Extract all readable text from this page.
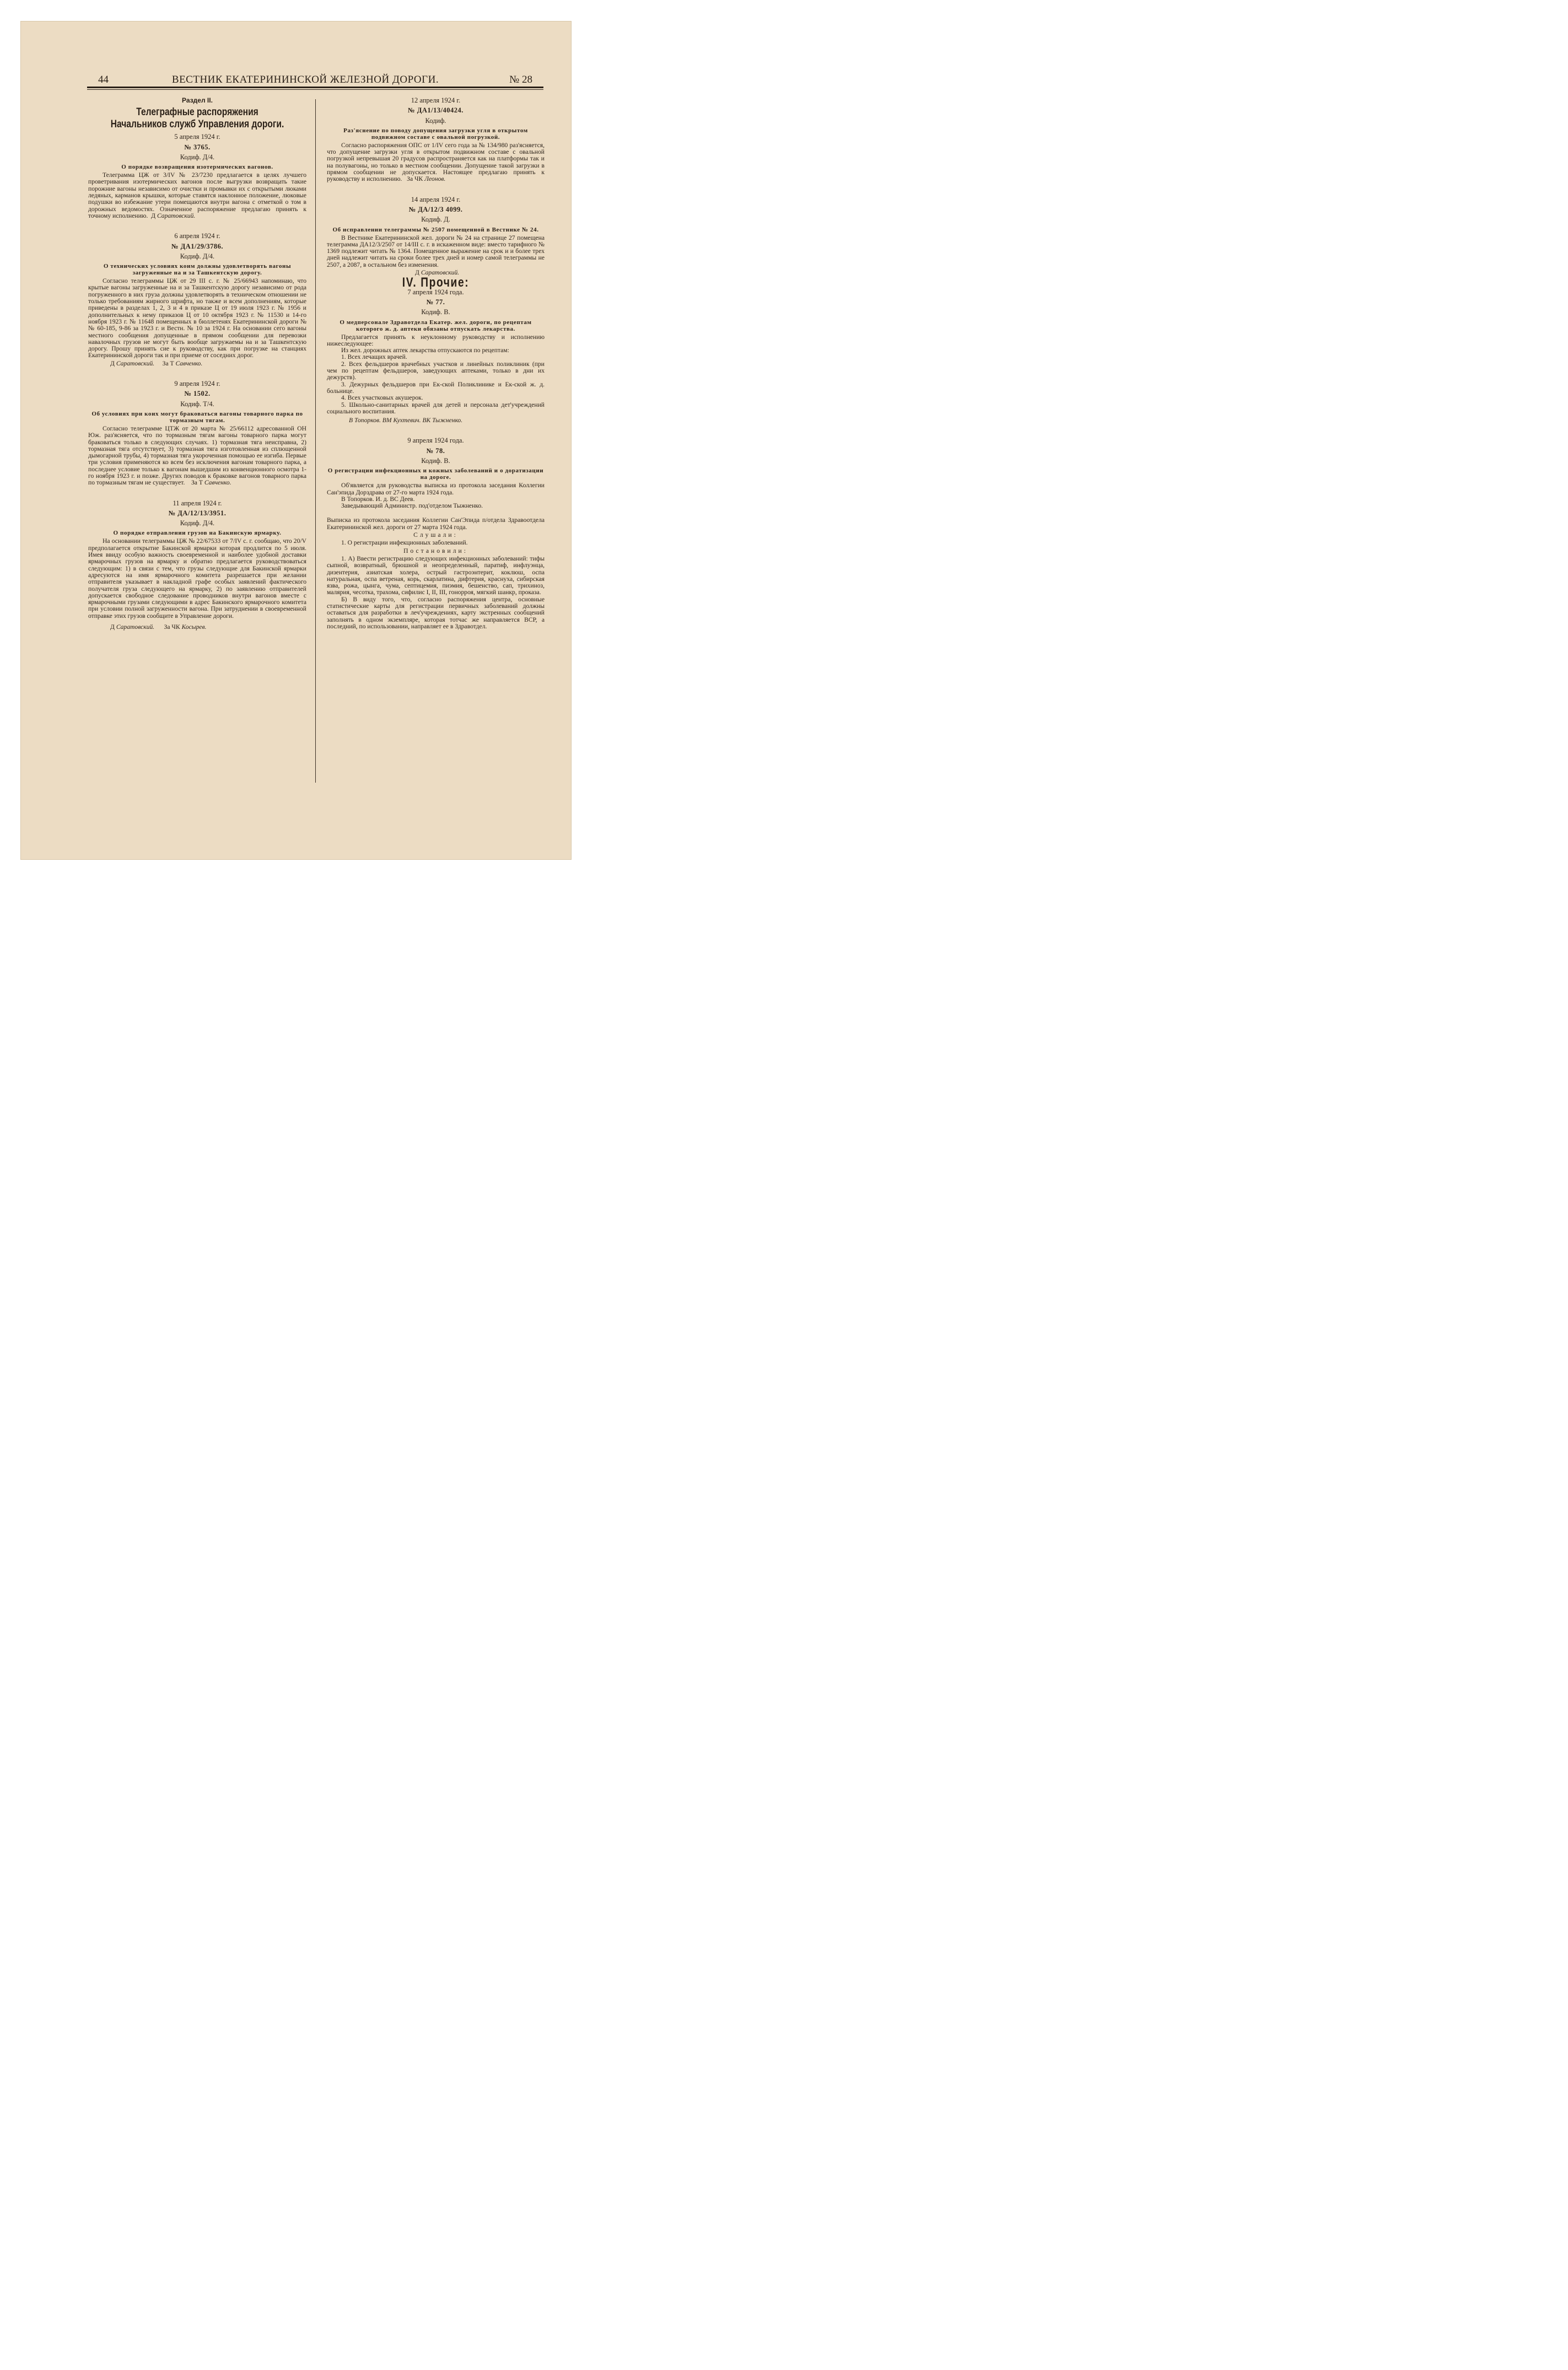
44	ВЕСТНИК ЕКАТЕРИНИНСКОЙ ЖЕЛЕЗНОЙ ДОРОГИ.	№ 28
Раздел II.
Телеграфные распоряжения Начальников служб Управления дороги.
5 апреля 1924 г.
№ 3765.
Кодиф. Д/4.
О порядке возвращения изотермических вагонов.

Телеграмма ЦЖ от 3/IV № 23/7230 предлагается в целях лучшего проветривания изотермических вагонов после выгрузки возвращать такие порожние вагоны независимо от очистки и промывки их с открытыми люками ледяных, карманов крышки, которые ставятся наклонное положение, люковые подушки во избежание утери помещаются внутри вагона с отметкой о том в дорожных ведомостях. Означенное распоряжение предлагаю принять к точному исполнению. Д Саратовский.

6 апреля 1924 г.
№ ДА1/29/3786.
Кодиф. Д/4.
О технических условиях коим должны удовлетворять вагоны загруженные на и за Ташкентскую дорогу.

Согласно телеграммы ЦЖ от 29 III с. г. № 25/66943 напоминаю, что крытые вагоны загруженные на и за Ташкентскую дорогу независимо от рода погруженного в них груза должны удовлетворять в техническом отношении не только требованиям жирного шрифта, но также и всем дополнениям, которые приведены в разделах 1, 2, 3 и 4 в приказе Ц от 19 июля 1923 г. № 1956 и дополнительных к нему приказов Ц от 10 октября 1923 г. № 11530 и 14-го ноября 1923 г. № 11648 помещенных в бюллетенях Екатерининской дороги №№ 60-185, 9-86 за 1923 г. и Вестн. № 10 за 1924 г. На основании сего вагоны местного сообщения допущенные в прямом сообщении для перевозки навалочных грузов не могут быть вообще загружаемы на и за Ташкентскую дорогу. Прошу принять сие к руководству, как при погрузке на станциях Екатерининской дороги так и при приеме от соседних дорог.

Д Саратовский. За Т Савченко.
9 апреля 1924 г.
№ 1502.
Кодиф. Т/4.
Об условиях при коих могут браковаться вагоны товарного парка по тормазным тягам.

Согласно телеграмме ЦТЖ от 20 марта № 25/66112 адресованной ОН Юж. раз'ясняется, что по тормазным тягам вагоны товарного парка могут браковаться только в следующих случаях. 1) тормазная тяга неисправна, 2) тормазная тяга отсутствует, 3) тормазная тяга изготовленная из сплющенной дымогарной трубы, 4) тормазная тяга укороченная помощью ее изгиба. Первые три условия применяются ко всем без исключения вагонам товарного парка, а последнее условие только к вагонам вышедшим из конвенционного осмотра 1-го ноября 1923 г. и позже. Других поводов к браковке вагонов товарного парка по тормазным тягам не существует. За Т Савченко.

11 апреля 1924 г.
№ ДА/12/13/3951.
Кодиф. Д/4.
О порядке отправлении грузов на Бакинскую ярмарку.

На основании телеграммы ЦЖ № 22/67533 от 7/IV с. г. сообщаю, что 20/V предполагается открытие Бакинской ярмарки которая продлится по 5 июля. Имея ввиду особую важность своевременной и наиболее удобной доставки ярмарочных грузов на ярмарку и обратно предлагается руководствоваться следующим: 1) в связи с тем, что грузы следующие для Бакинской ярмарки адресуются на имя ярмарочного комитета разрешается при желании отправителя указывает в накладной графе особых заявлений фактического получателя груза следующего на ярмарку, 2) по заявлению отправителей допускается свободное следование проводников внутри вагонов вместе с ярмарочными грузами следующими в адрес Бакинского ярмарочного комитета при условии полной загруженности вагона. При затруднении в своевременной отправке этих грузов сообщите в Управление дороги.

Д Саратовский. За ЧК Косырев.
12 апреля 1924 г.
№ ДА1/13/40424.
Кодиф.
Раз'яснение по поводу допущения загрузки угля в открытом подвижном составе с овальной погрузкой.

Согласно распоряжения ОПС от 1/IV сего года за № 134/980 раз'ясняется, что допущение загрузки угля в открытом подвижном составе с овальной погрузкой непревышая 20 градусов распространяется как на платформы так и на полувагоны, но только в местном сообщении. Допущение такой загрузки в прямом сообщении не допускается. Настоящее предлагаю принять к руководству и исполнению. За ЧК Леонов.

14 апреля 1924 г.
№ ДА/12/3 4099.
Кодиф. Д.
Об исправлении телеграммы № 2507 помещенной в Вестнике № 24.

В Вестнике Екатерининской жел. дороги № 24 на странице 27 помещена телеграмма ДА12/3/2507 от 14/III с. г. в искаженном виде: вместо тарифного № 1369 подлежит читать № 1364. Помещенное выражение на срок и и более трех дней надлежит читать на сроки более трех дней и номер самой телеграммы не 2507, а 2087, в остальном без изменения.

Д Саратовский.
IV. Прочие:
7 апреля 1924 года.
№ 77.
Кодиф. В.
О медперсонале Здравотдела Екатер. жел. дороги, по рецептам которого ж. д. аптеки обязаны отпускать лекарства.

Предлагается принять к неуклонному руководству и исполнению нижеследующее:

Из жел. дорожных аптек лекарства отпускаются по рецептам:

1. Всех лечащих врачей.

2. Всех фельдшеров врачебных участков и линейных поликлиник (при чем по рецептам фельдшеров, заведующих аптеками, только в дни их дежурств).

3. Дежурных фельдшеров при Ек-ской Поликлинике и Ек-ской ж. д. больнице.

4. Всех участковых акушерок.

5. Школьно-санитарных врачей для детей и персонала дет'учреждений социального воспитания.

В Топорков. ВМ Кухтевич. ВК Тыжненко.
9 апреля 1924 года.
№ 78.
Кодиф. В.
О регистрации инфекционных и кожных заболеваний и о доратизации на дороге.

Об'является для руководства выписка из протокола заседания Коллегии Сан'эпида Дорздрава от 27-го марта 1924 года.

В Топорков. И. д. ВС Деев.
Заведывающий Администр. под'отделом Тыжненко.

Выписка из протокола заседания Коллегии Сан'Эпида п/отдела Здравоотдела Екатерининской жел. дороги от 27 марта 1924 года.

Слушали:

1. О регистрации инфекционных заболеваний.

Постановили:

1. А) Ввести регистрацию следующих инфекционных заболеваний: тифы сыпной, возвратный, брюшной и неопределенный, паратиф, инфлуэнца, дизентерия, азиатская холера, острый гастроэнтерит, коклюш, оспа натуральная, оспа ветреная, корь, скарлатина, дифтерия, краснуха, сибирская язва, рожа, цынга, чума, септицемия, пиэмия, бешенство, сап, трихиноз, малярия, чесотка, трахома, сифилис I, II, III, гонорроя, мягкий шанкр, проказа.

Б) В виду того, что, согласно распоряжения центра, основные статистические карты для регистрации первичных заболеваний должны оставаться для разработки в леч'учреждениях, карту экстренных сообщений заполнять в одном экземпляре, которая тотчас же направляется ВСР, а последний, по использовании, направляет ее в Здравотдел.
